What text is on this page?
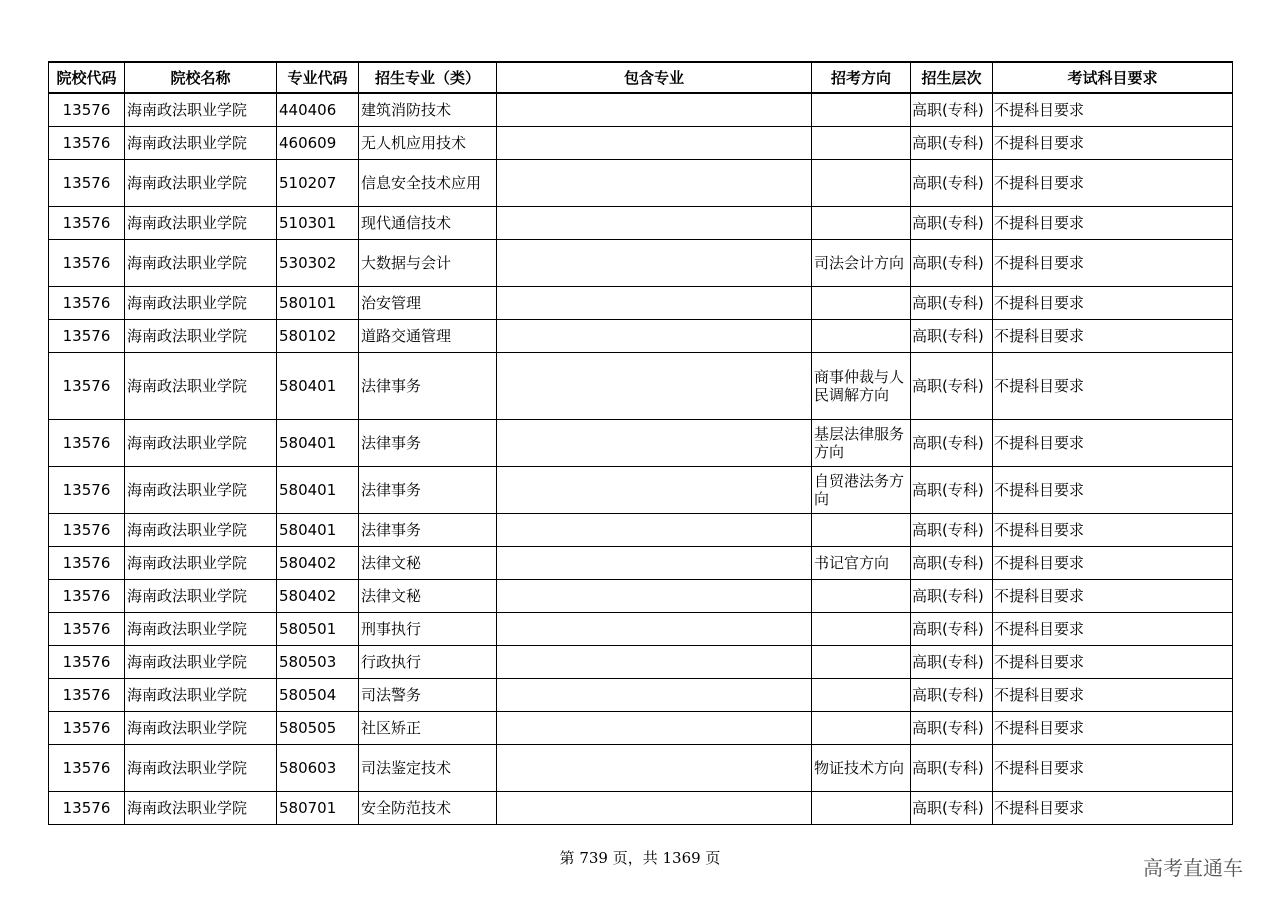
院校代码	院校名称	专业代码	招生专业（类）	包含专业	招考方向	招生层次	考试科目要求
13576	海南政法职业学院	440406	建筑消防技术			高职(专科)	不提科目要求
13576	海南政法职业学院	460609	无人机应用技术			高职(专科)	不提科目要求
13576	海南政法职业学院	510207	信息安全技术应用			高职(专科)	不提科目要求
13576	海南政法职业学院	510301	现代通信技术			高职(专科)	不提科目要求
13576	海南政法职业学院	530302	大数据与会计		司法会计方向	高职(专科)	不提科目要求
13576	海南政法职业学院	580101	治安管理			高职(专科)	不提科目要求
13576	海南政法职业学院	580102	道路交通管理			高职(专科)	不提科目要求
13576	海南政法职业学院	580401	法律事务		商事仲裁与人民调解方向	高职(专科)	不提科目要求
13576	海南政法职业学院	580401	法律事务		基层法律服务方向	高职(专科)	不提科目要求
13576	海南政法职业学院	580401	法律事务		自贸港法务方向	高职(专科)	不提科目要求
13576	海南政法职业学院	580401	法律事务			高职(专科)	不提科目要求
13576	海南政法职业学院	580402	法律文秘		书记官方向	高职(专科)	不提科目要求
13576	海南政法职业学院	580402	法律文秘			高职(专科)	不提科目要求
13576	海南政法职业学院	580501	刑事执行			高职(专科)	不提科目要求
13576	海南政法职业学院	580503	行政执行			高职(专科)	不提科目要求
13576	海南政法职业学院	580504	司法警务			高职(专科)	不提科目要求
13576	海南政法职业学院	580505	社区矫正			高职(专科)	不提科目要求
13576	海南政法职业学院	580603	司法鉴定技术		物证技术方向	高职(专科)	不提科目要求
13576	海南政法职业学院	580701	安全防范技术			高职(专科)	不提科目要求
第 739 页，共 1369 页	高考直通车
